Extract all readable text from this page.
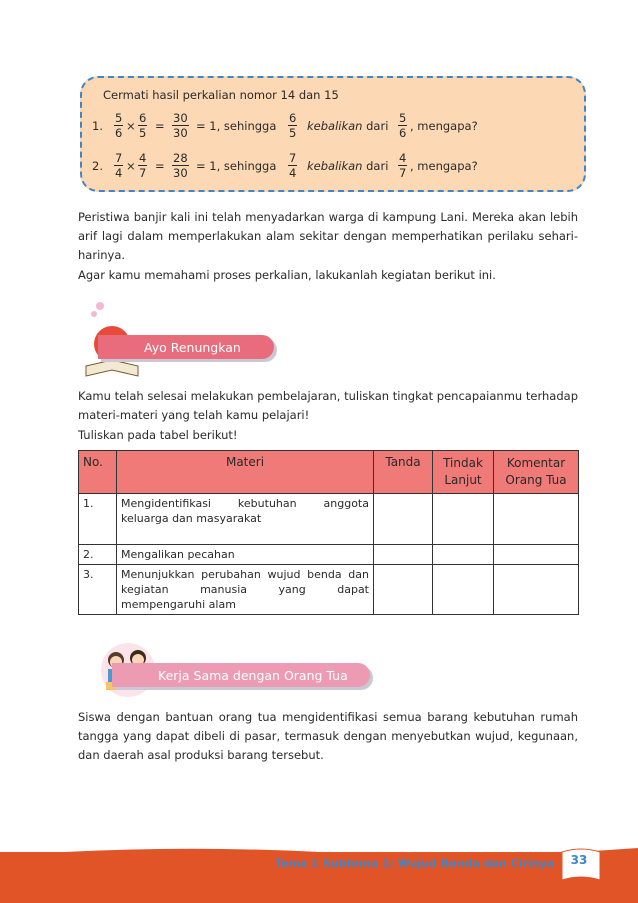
Cermati hasil perkalian nomor 14 dan 15
1.
5
6 ×
6
5 =
30
30 = 1, sehingga
6
5 kebalikan dari
5
6 , mengapa?
2.
7
4 ×
4
7 =
28
30 = 1, sehingga
7
4 kebalikan dari
4
7 , mengapa?
Peristiwa banjir kali ini telah menyadarkan warga di kampung Lani. Mereka akan lebih arif lagi dalam memperlakukan alam sekitar dengan memperhatikan perilaku sehari-harinya.
Agar kamu memahami proses perkalian, lakukanlah kegiatan berikut ini.
Ayo Renungkan
Kamu telah selesai melakukan pembelajaran, tuliskan tingkat pencapaianmu terhadap materi-materi yang telah kamu pelajari!
Tuliskan pada tabel berikut!
No.	Materi	Tanda	Tindak Lanjut	Komentar Orang Tua
1.	Mengidentifikasi kebutuhan anggota keluarga dan masyarakat			
2.	Mengalikan pecahan			
3.	Menunjukkan perubahan wujud benda dan kegiatan manusia yang dapat mempengaruhi alam			
Kerja Sama dengan Orang Tua
Siswa dengan bantuan orang tua mengidentifikasi semua barang kebutuhan rumah tangga yang dapat dibeli di pasar, termasuk dengan menyebutkan wujud, kegunaan, dan daerah asal produksi barang tersebut.
Tema 1 Subtema 1: Wujud Benda dan Cirinya	33
